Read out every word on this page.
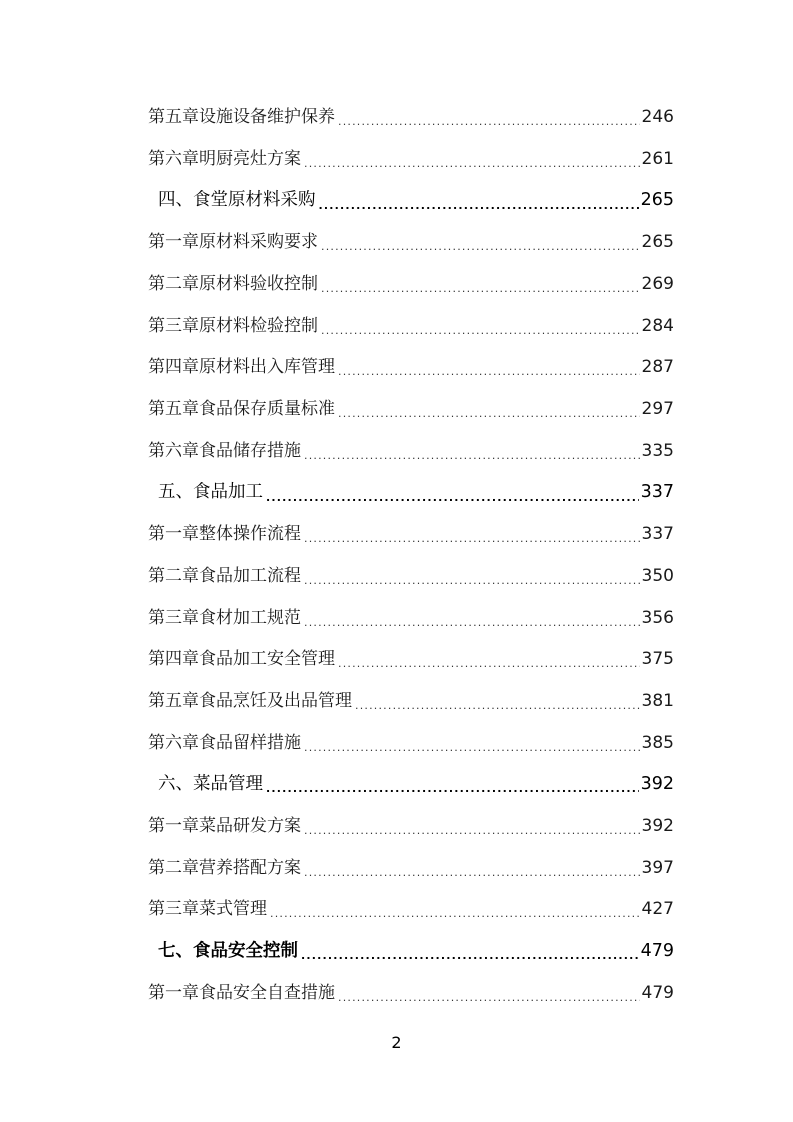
第五章设施设备维护保养 .....	246
第六章明厨亮灶方案 .....	261
四、食堂原材料采购 .....	265
第一章原材料采购要求 .....	265
第二章原材料验收控制 .....	269
第三章原材料检验控制 .....	284
第四章原材料出入库管理 .....	287
第五章食品保存质量标准 .....	297
第六章食品储存措施 .....	335
五、食品加工 .....	337
第一章整体操作流程 .....	337
第二章食品加工流程 .....	350
第三章食材加工规范 .....	356
第四章食品加工安全管理 .....	375
第五章食品烹饪及出品管理 .....	381
第六章食品留样措施 .....	385
六、菜品管理 .....	392
第一章菜品研发方案 .....	392
第二章营养搭配方案 .....	397
第三章菜式管理 .....	427
七、食品安全控制 .....	479
第一章食品安全自查措施 .....	479
2
